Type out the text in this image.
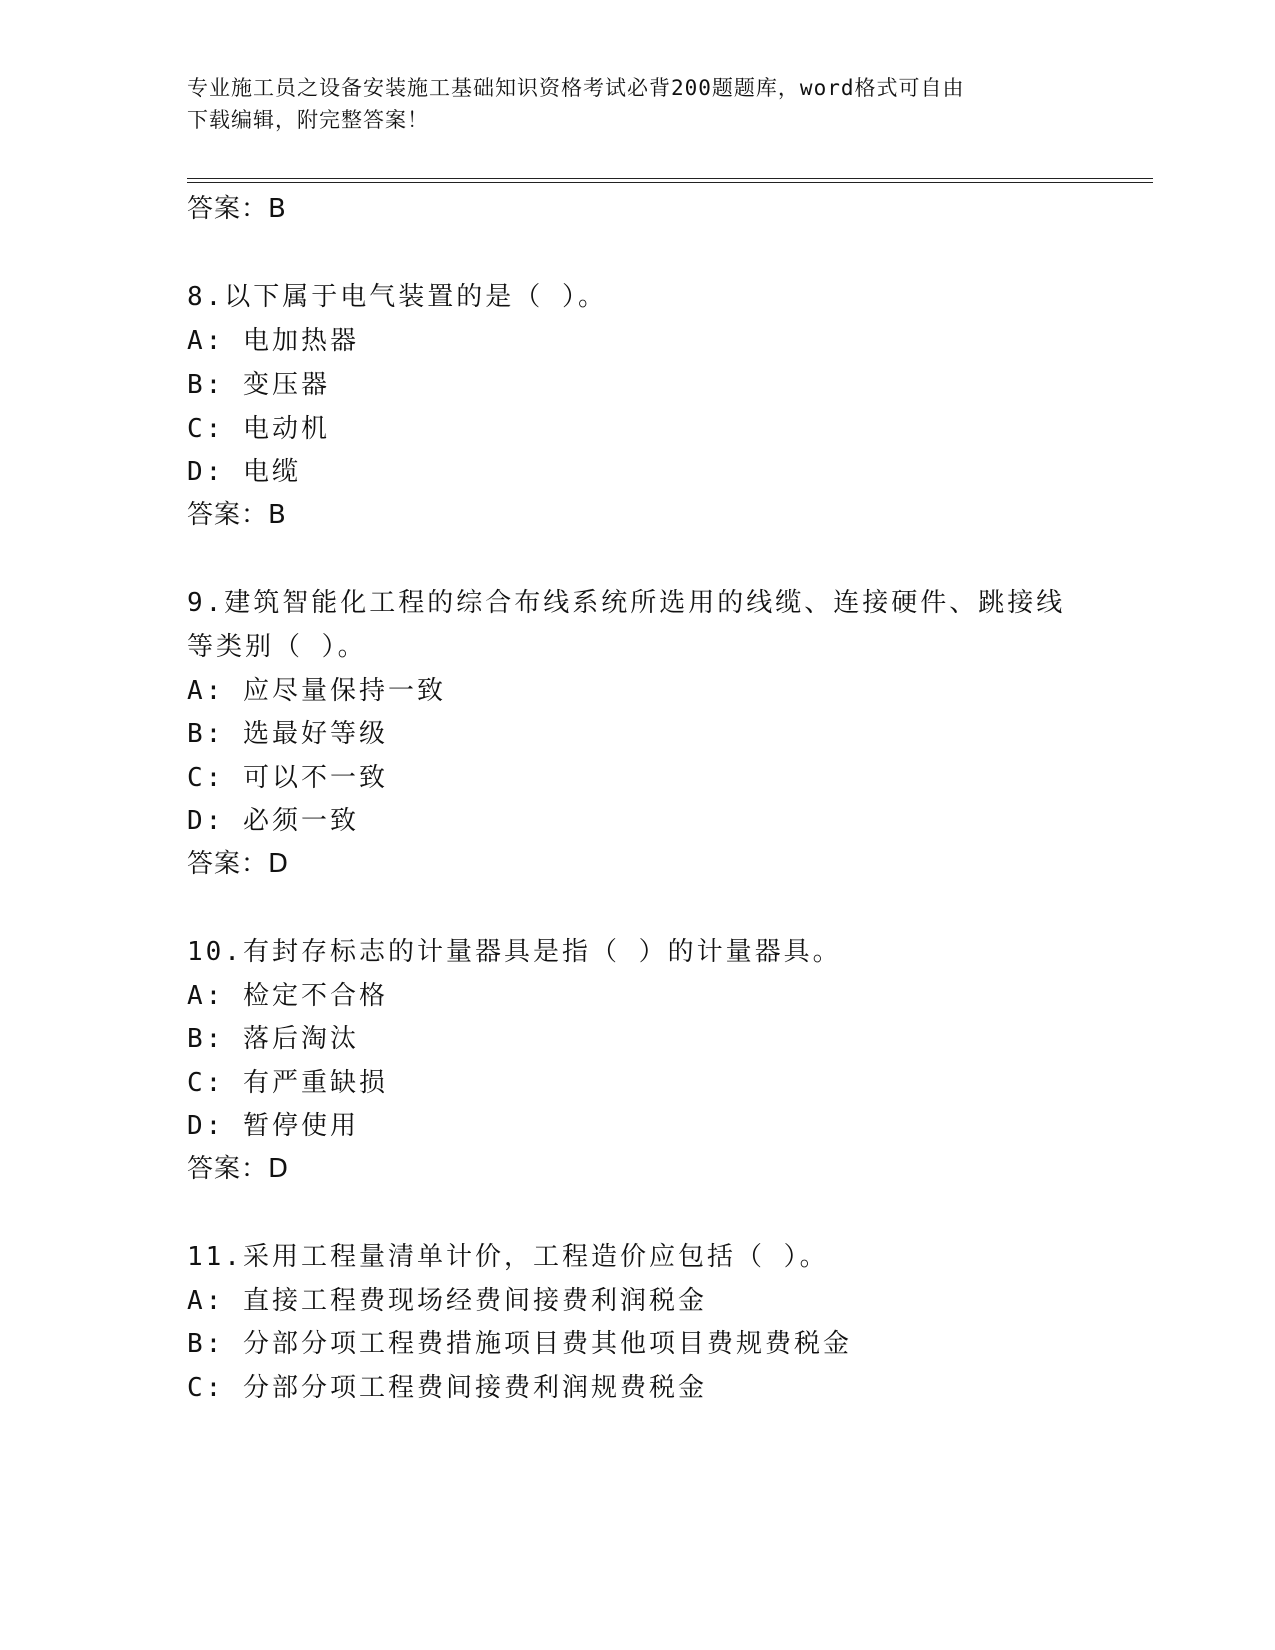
专业施工员之设备安装施工基础知识资格考试必背200题题库，word格式可自由
下载编辑，附完整答案！
答案：B
8.以下属于电气装置的是（ ）。
A: 电加热器
B: 变压器
C: 电动机
D: 电缆
答案：B
9.建筑智能化工程的综合布线系统所选用的线缆、连接硬件、跳接线
等类别（ ）。
A: 应尽量保持一致
B: 选最好等级
C: 可以不一致
D: 必须一致
答案：D
10.有封存标志的计量器具是指（ ）的计量器具。
A: 检定不合格
B: 落后淘汰
C: 有严重缺损
D: 暂停使用
答案：D
11.采用工程量清单计价，工程造价应包括（ ）。
A: 直接工程费现场经费间接费利润税金
B: 分部分项工程费措施项目费其他项目费规费税金
C: 分部分项工程费间接费利润规费税金
